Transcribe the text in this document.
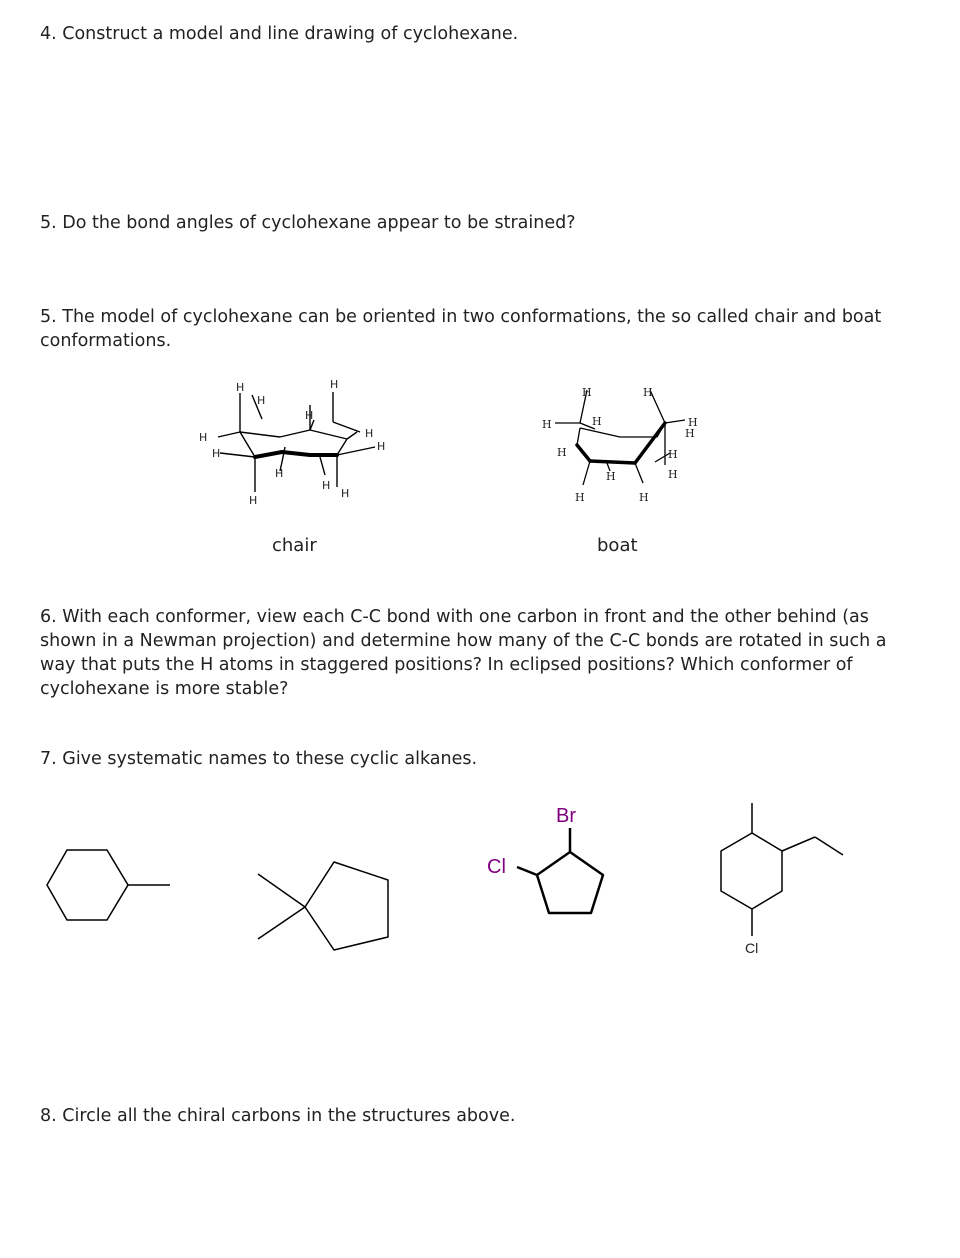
4. Construct a model and line drawing of cyclohexane.

5. Do the bond angles of cyclohexane appear to be strained?

5. The model of cyclohexane can be oriented in two conformations, the so called chair and boat conformations.

H
H
H
H
H
H
H
H
H
H
H
H
H	H
H	H	H
H
H	H
H	H
H	H
chair	boat

6. With each conformer, view each C-C bond with one carbon in front and the other behind (as shown in a Newman projection) and determine how many of the C-C bonds are rotated in such a way that puts the H atoms in staggered positions? In eclipsed positions? Which conformer of cyclohexane is more stable?

7. Give systematic names to these cyclic alkanes.

Br
Cl
Cl

8. Circle all the chiral carbons in the structures above.
